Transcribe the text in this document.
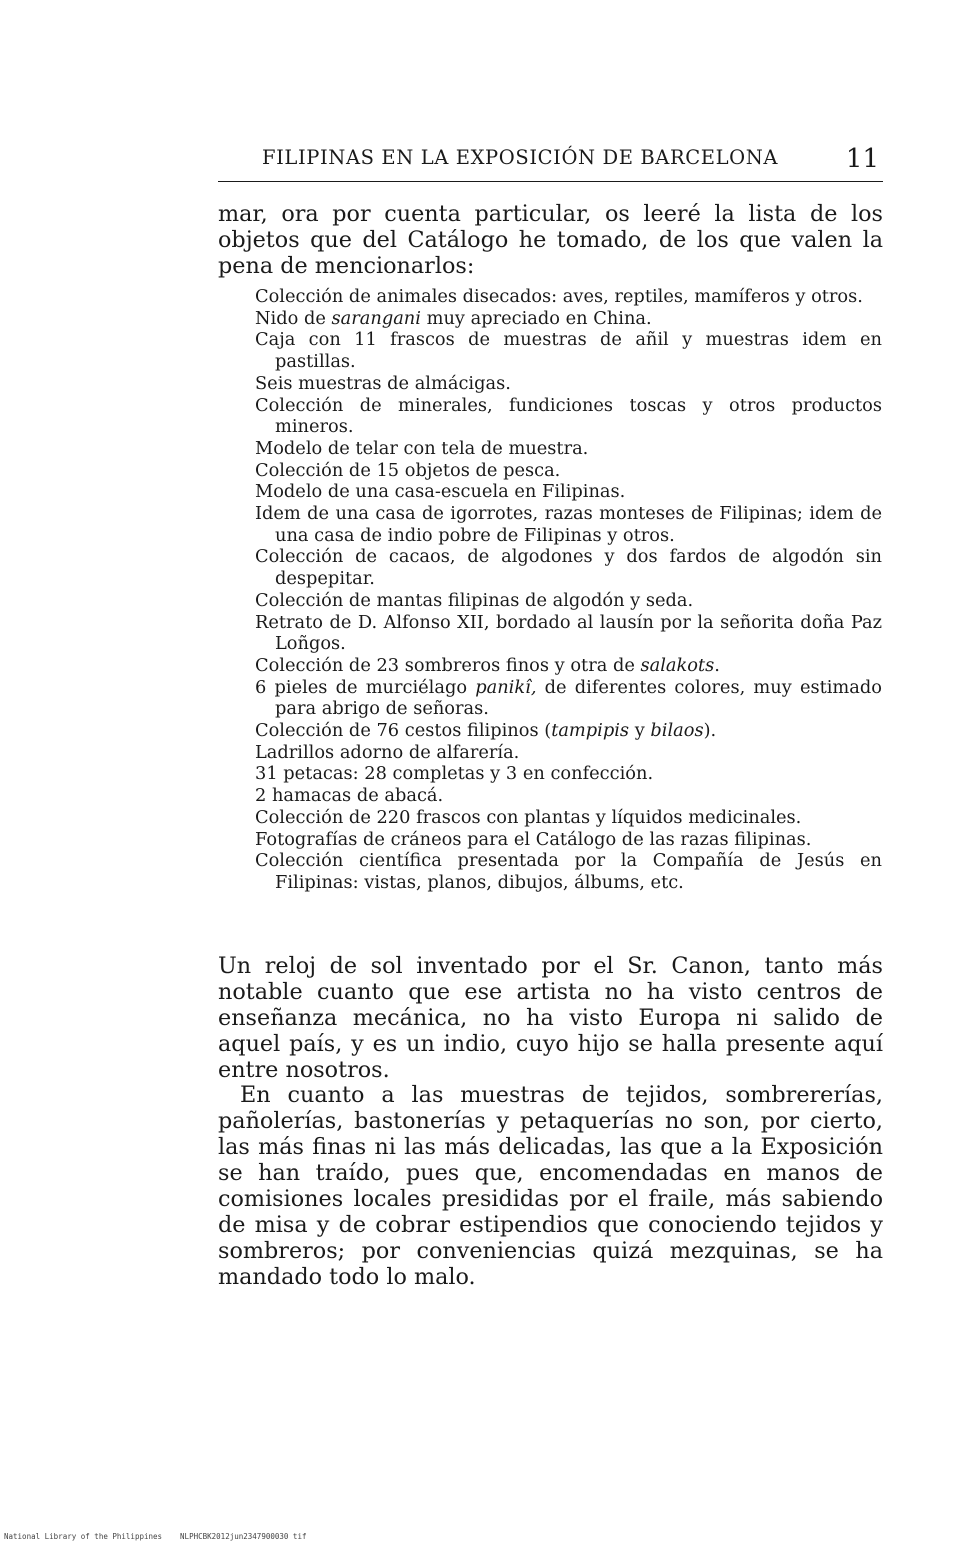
FILIPINAS EN LA EXPOSICIÓN DE BARCELONA	11
mar, ora por cuenta particular, os leeré la lista de los objetos que del Catálogo he tomado, de los que valen la pena de mencionarlos:
Colección de animales disecados: aves, reptiles, mamíferos y otros.
Nido de sarangani muy apreciado en China.
Caja con 11 frascos de muestras de añil y muestras idem en pastillas.
Seis muestras de almácigas.
Colección de minerales, fundiciones toscas y otros productos mineros.
Modelo de telar con tela de muestra.
Colección de 15 objetos de pesca.
Modelo de una casa-escuela en Filipinas.
Idem de una casa de igorrotes, razas monteses de Filipinas; idem de una casa de indio pobre de Filipinas y otros.
Colección de cacaos, de algodones y dos fardos de algodón sin despepitar.
Colección de mantas filipinas de algodón y seda.
Retrato de D. Alfonso XII, bordado al lausín por la señorita doña Paz Loñgos.
Colección de 23 sombreros finos y otra de salakots.
6 pieles de murciélago panikî, de diferentes colores, muy estimado para abrigo de señoras.
Colección de 76 cestos filipinos (tampipis y bilaos).
Ladrillos adorno de alfarería.
31 petacas: 28 completas y 3 en confección.
2 hamacas de abacá.
Colección de 220 frascos con plantas y líquidos medicinales.
Fotografías de cráneos para el Catálogo de las razas filipinas.
Colección científica presentada por la Compañía de Jesús en Filipinas: vistas, planos, dibujos, álbums, etc.
Un reloj de sol inventado por el Sr. Canon, tanto más notable cuanto que ese artista no ha visto centros de enseñanza mecánica, no ha visto Europa ni salido de aquel país, y es un indio, cuyo hijo se halla presente aquí entre nosotros.
En cuanto a las muestras de tejidos, sombrererías, pañolerías, bastonerías y petaquerías no son, por cierto, las más finas ni las más delicadas, las que a la Exposición se han traído, pues que, encomendadas en manos de comisiones locales presididas por el fraile, más sabiendo de misa y de cobrar estipendios que conociendo tejidos y sombreros; por conveniencias quizá mezquinas, se ha mandado todo lo malo.
National Library of the Philippines NLPHCBK2012jun2347900030 tif
